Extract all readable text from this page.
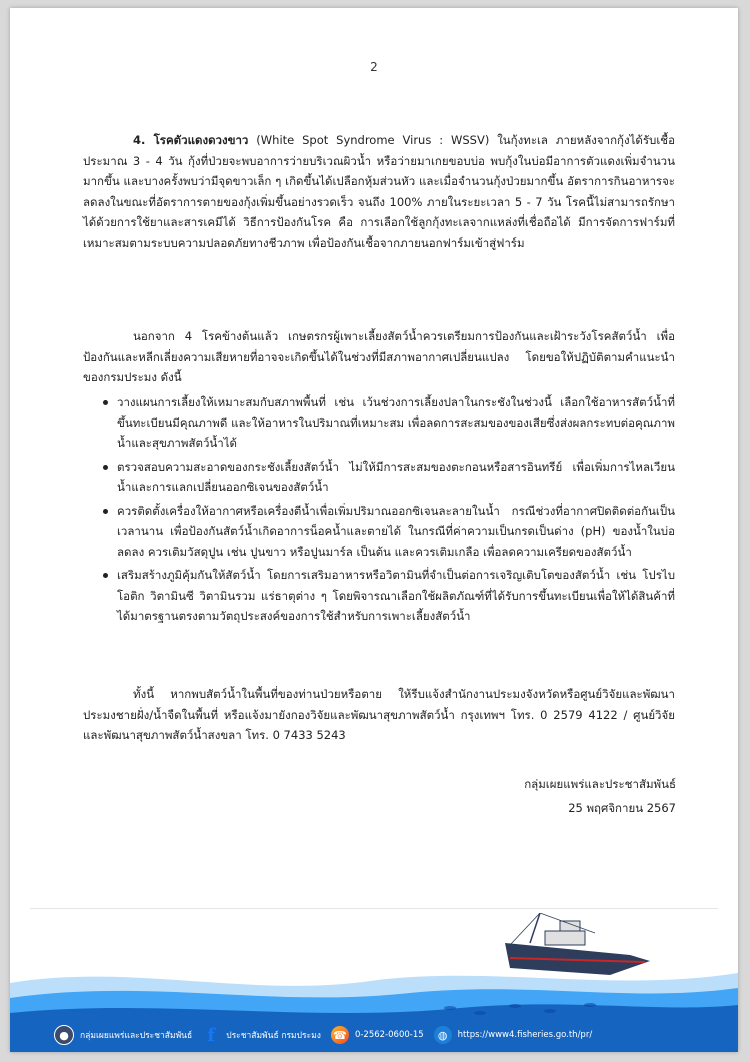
2
4. โรคตัวแดงดวงขาว (White Spot Syndrome Virus : WSSV) ในกุ้งทะเล ภายหลังจากกุ้งได้รับเชื้อประมาณ 3 - 4 วัน กุ้งที่ป่วยจะพบอาการว่ายบริเวณผิวน้ำ หรือว่ายมาเกยขอบบ่อ พบกุ้งในบ่อมีอาการตัวแดงเพิ่มจำนวนมากขึ้น และบางครั้งพบว่ามีจุดขาวเล็ก ๆ เกิดขึ้นได้เปลือกหุ้มส่วนหัว และเมื่อจำนวนกุ้งป่วยมากขึ้น อัตราการกินอาหารจะลดลงในขณะที่อัตราการตายของกุ้งเพิ่มขึ้นอย่างรวดเร็ว จนถึง 100% ภายในระยะเวลา 5 - 7 วัน โรคนี้ไม่สามารถรักษาได้ด้วยการใช้ยาและสารเคมีได้ วิธีการป้องกันโรค คือ การเลือกใช้ลูกกุ้งทะเลจากแหล่งที่เชื่อถือได้ มีการจัดการฟาร์มที่เหมาะสมตามระบบความปลอดภัยทางชีวภาพ เพื่อป้องกันเชื้อจากภายนอกฟาร์มเข้าสู่ฟาร์ม
นอกจาก 4 โรคข้างต้นแล้ว เกษตรกรผู้เพาะเลี้ยงสัตว์น้ำควรเตรียมการป้องกันและเฝ้าระวังโรคสัตว์น้ำ เพื่อป้องกันและหลีกเลี่ยงความเสียหายที่อาจจะเกิดขึ้นได้ในช่วงที่มีสภาพอากาศเปลี่ยนแปลง โดยขอให้ปฏิบัติตามคำแนะนำของกรมประมง ดังนี้
วางแผนการเลี้ยงให้เหมาะสมกับสภาพพื้นที่ เช่น เว้นช่วงการเลี้ยงปลาในกระชังในช่วงนี้ เลือกใช้อาหารสัตว์น้ำที่ขึ้นทะเบียนมีคุณภาพดี และให้อาหารในปริมาณที่เหมาะสม เพื่อลดการสะสมของของเสียซึ่งส่งผลกระทบต่อคุณภาพน้ำและสุขภาพสัตว์น้ำได้
ตรวจสอบความสะอาดของกระชังเลี้ยงสัตว์น้ำ ไม่ให้มีการสะสมของตะกอนหรือสารอินทรีย์ เพื่อเพิ่มการไหลเวียนน้ำและการแลกเปลี่ยนออกซิเจนของสัตว์น้ำ
ควรติดตั้งเครื่องให้อากาศหรือเครื่องตีน้ำเพื่อเพิ่มปริมาณออกซิเจนละลายในน้ำ กรณีช่วงที่อากาศปิดติดต่อกันเป็นเวลานาน เพื่อป้องกันสัตว์น้ำเกิดอาการน็อคน้ำและตายได้ ในกรณีที่ค่าความเป็นกรดเป็นด่าง (pH) ของน้ำในบ่อลดลง ควรเติมวัสดุปูน เช่น ปูนขาว หรือปูนมาร์ล เป็นต้น และควรเติมเกลือ เพื่อลดความเครียดของสัตว์น้ำ
เสริมสร้างภูมิคุ้มกันให้สัตว์น้ำ โดยการเสริมอาหารหรือวิตามินที่จำเป็นต่อการเจริญเติบโตของสัตว์น้ำ เช่น โปรไบโอติก วิตามินซี วิตามินรวม แร่ธาตุต่าง ๆ โดยพิจารณาเลือกใช้ผลิตภัณฑ์ที่ได้รับการขึ้นทะเบียนเพื่อให้ได้สินค้าที่ได้มาตรฐานตรงตามวัตถุประสงค์ของการใช้สำหรับการเพาะเลี้ยงสัตว์น้ำ
ทั้งนี้ หากพบสัตว์น้ำในพื้นที่ของท่านป่วยหรือตาย ให้รีบแจ้งสำนักงานประมงจังหวัดหรือศูนย์วิจัยและพัฒนาประมงชายฝั่ง/น้ำจืดในพื้นที่ หรือแจ้งมายังกองวิจัยและพัฒนาสุขภาพสัตว์น้ำ กรุงเทพฯ โทร. 0 2579 4122 / ศูนย์วิจัยและพัฒนาสุขภาพสัตว์น้ำสงขลา โทร. 0 7433 5243
กลุ่มเผยแพร่และประชาสัมพันธ์
25 พฤศจิกายน 2567
●	กลุ่มเผยแพร่และประชาสัมพันธ์ f	ประชาสัมพันธ์ กรมประมง ☎ 0-2562-0600-15	◍	https://www4.fisheries.go.th/pr/
